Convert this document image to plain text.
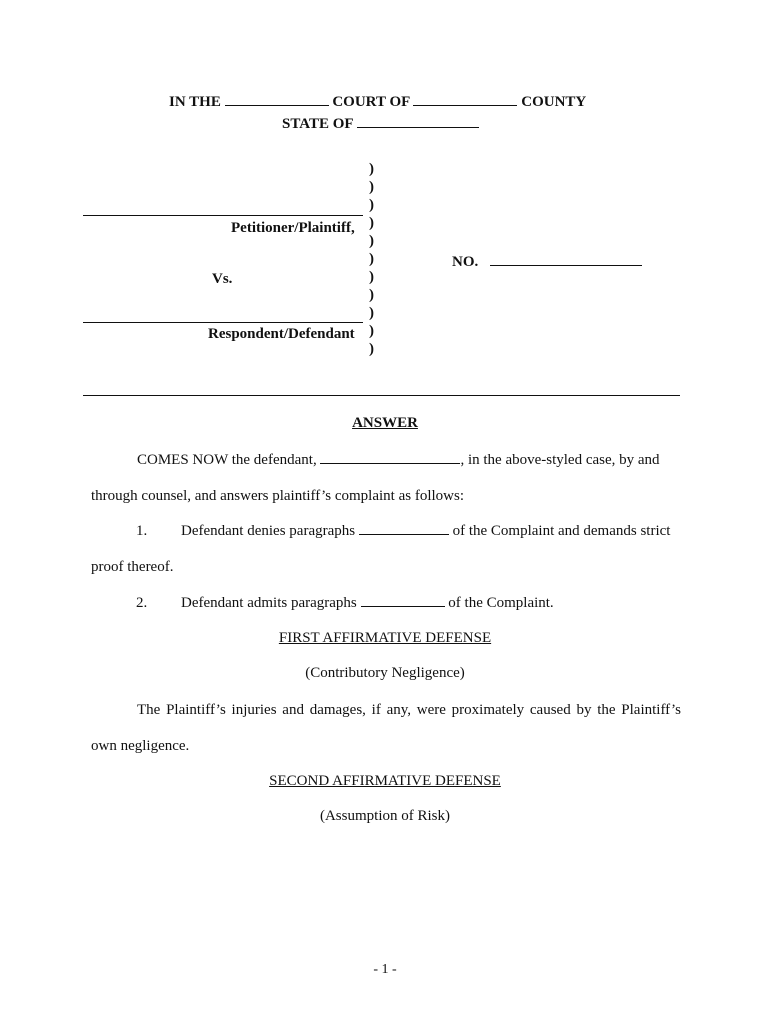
IN THE	COURT OF	COUNTY
STATE OF
Petitioner/Plaintiff,
Vs.
Respondent/Defendant
)
)
)
)
)
)
)
)
)
)
)
NO.
ANSWER
COMES NOW the defendant,	, in the above-styled case, by and
through counsel, and answers plaintiff’s complaint as follows:
1. Defendant denies paragraphs	of the Complaint and demands strict
proof thereof.
2. Defendant admits paragraphs	of the Complaint.
FIRST AFFIRMATIVE DEFENSE
(Contributory Negligence)
The Plaintiff’s injuries and damages, if any, were proximately caused by the Plaintiff’s
own negligence.
SECOND AFFIRMATIVE DEFENSE
(Assumption of Risk)
- 1 -
